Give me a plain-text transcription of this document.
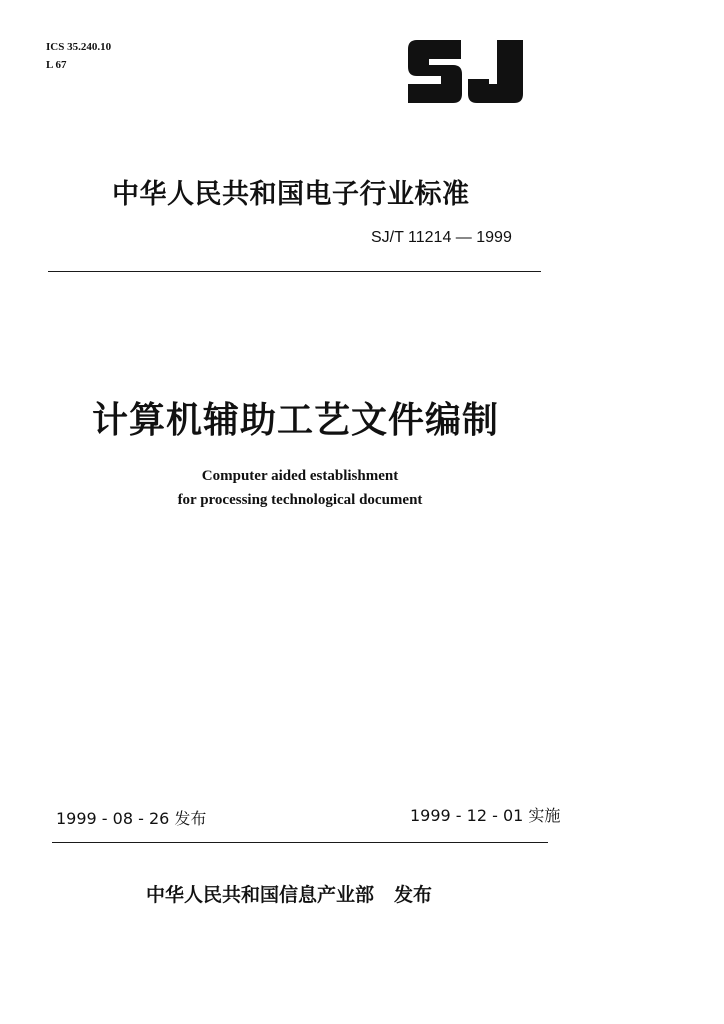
ICS 35.240.10
L 67
中华人民共和国电子行业标准
SJ/T 11214 — 1999
计算机辅助工艺文件编制
Computer aided establishment
for processing technological document
1999 - 08 - 26 发布	1999 - 12 - 01 实施
中华人民共和国信息产业部 发布
